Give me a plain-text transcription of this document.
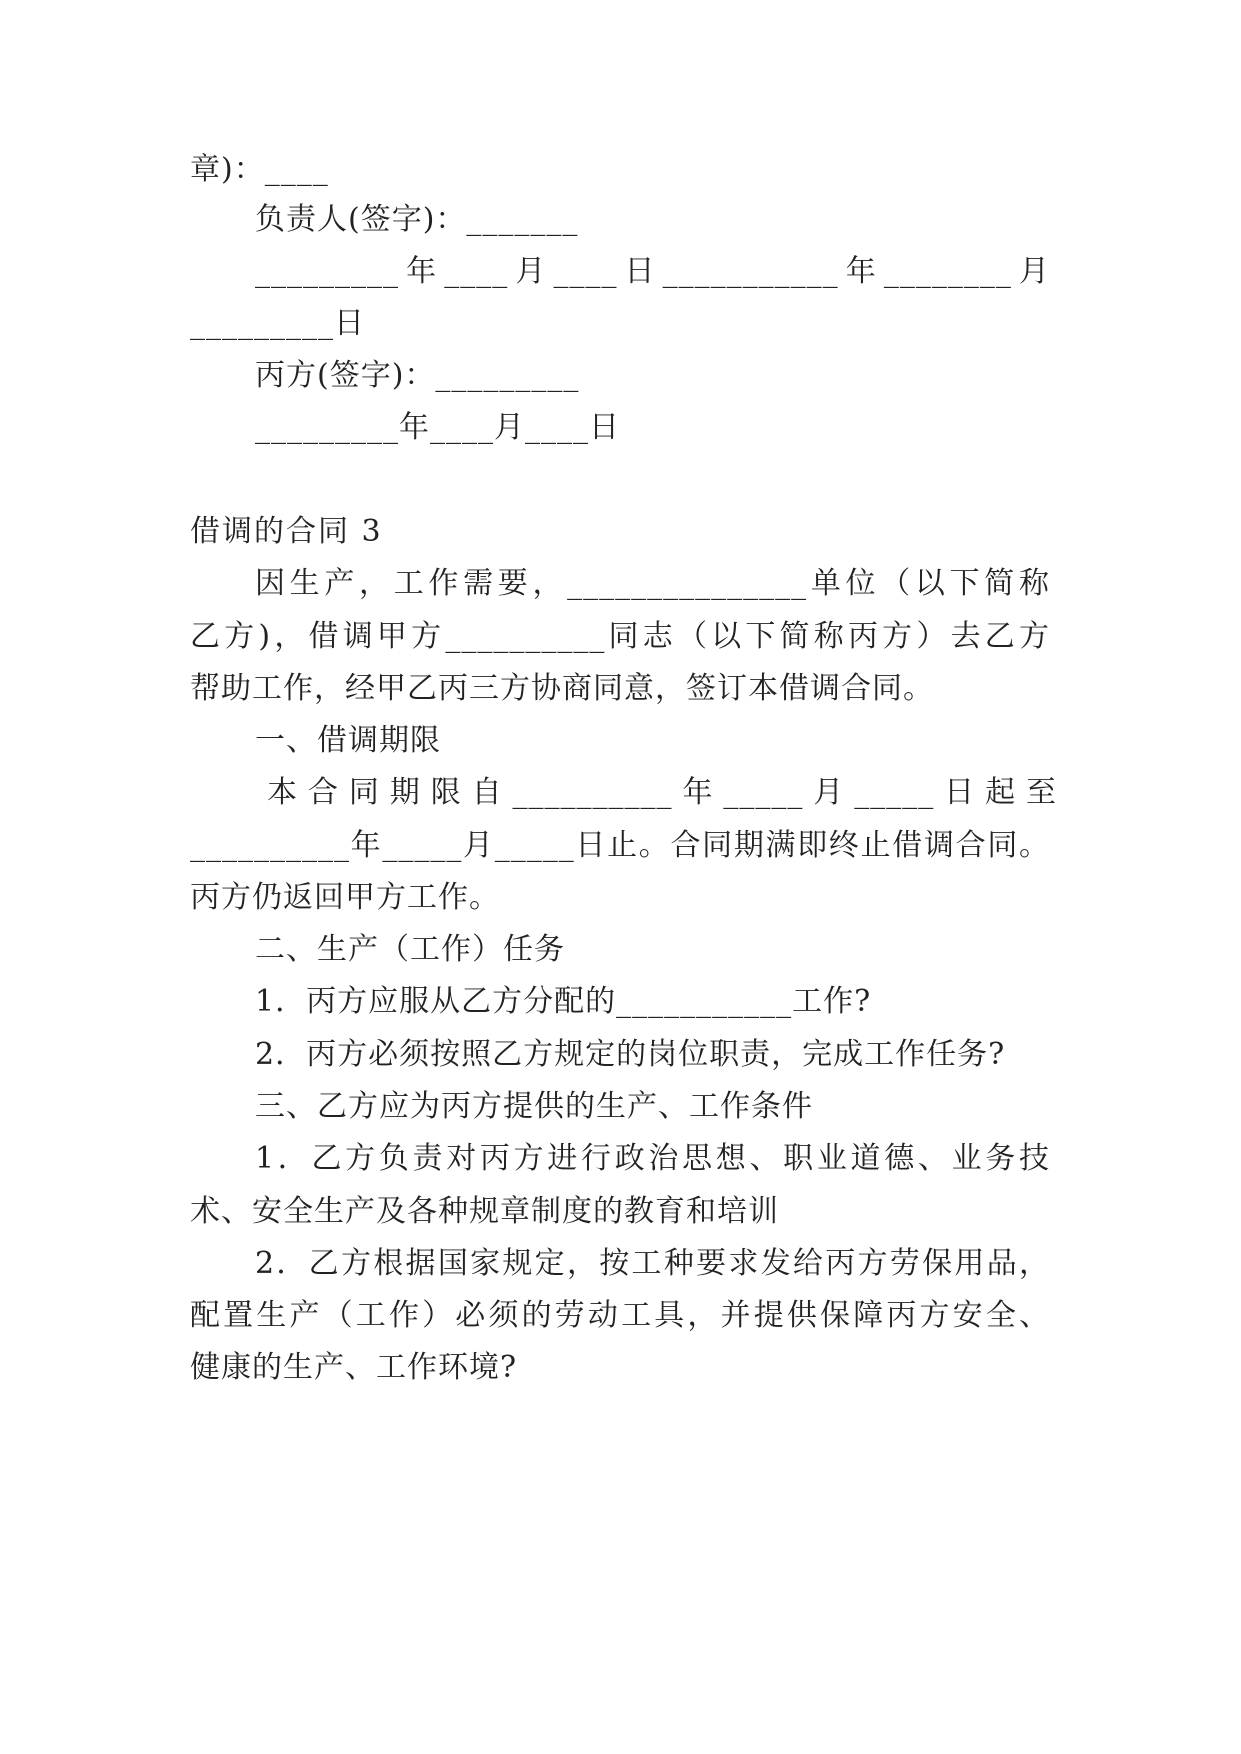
章)：____
负责人(签字)：_______
_________年____月____日___________年________月
_________日
丙方(签字)：_________
_________年____月____日
借调的合同 3
因生产，工作需要，_______________单位（以下简称
乙方)，借调甲方__________同志（以下简称丙方）去乙方
帮助工作，经甲乙丙三方协商同意，签订本借调合同。
一、借调期限
本合同期限自__________年_____月_____日起至
__________年_____月_____日止。合同期满即终止借调合同。
丙方仍返回甲方工作。
二、生产（工作）任务
1．丙方应服从乙方分配的___________工作?
2．丙方必须按照乙方规定的岗位职责，完成工作任务?
三、乙方应为丙方提供的生产、工作条件
1．乙方负责对丙方进行政治思想、职业道德、业务技
术、安全生产及各种规章制度的教育和培训
2．乙方根据国家规定，按工种要求发给丙方劳保用品，
配置生产（工作）必须的劳动工具，并提供保障丙方安全、
健康的生产、工作环境?
